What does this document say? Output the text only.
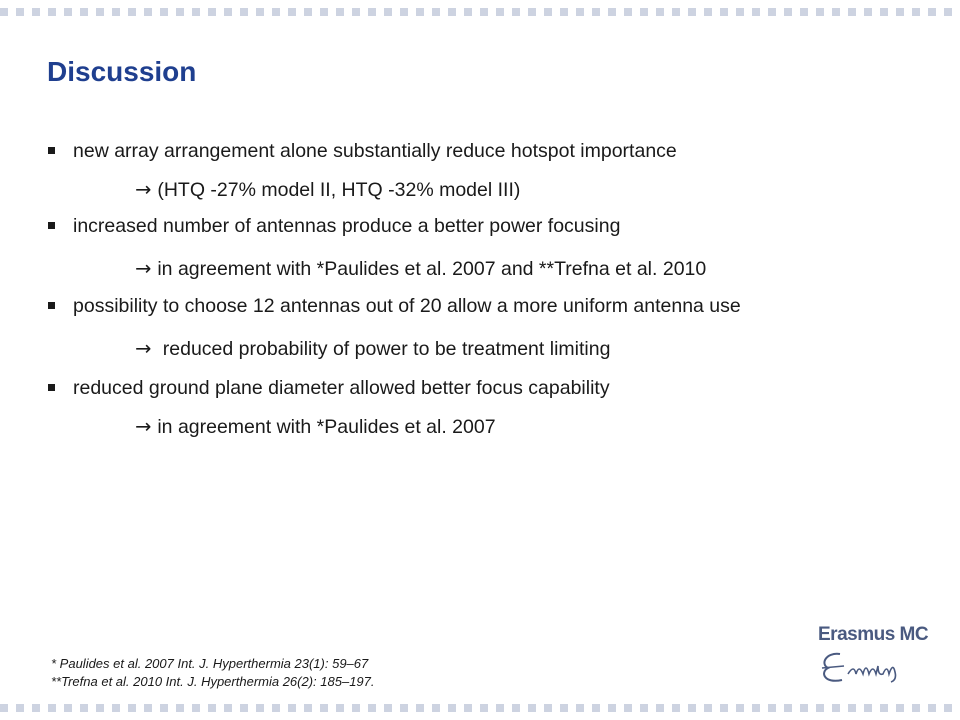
Discussion
new array arrangement alone substantially reduce hotspot importance
→ (HTQ -27% model II, HTQ -32% model III)
increased number of antennas produce a better power focusing
→ in agreement with *Paulides et al. 2007 and **Trefna et al. 2010
possibility to choose 12 antennas out of 20 allow a more uniform antenna use
→ reduced probability of power to be treatment limiting
reduced ground plane diameter allowed better focus capability
→ in agreement with *Paulides et al. 2007
* Paulides et al. 2007 Int. J. Hyperthermia 23(1): 59–67
**Trefna et al. 2010 Int. J. Hyperthermia 26(2): 185–197.
Erasmus MC
